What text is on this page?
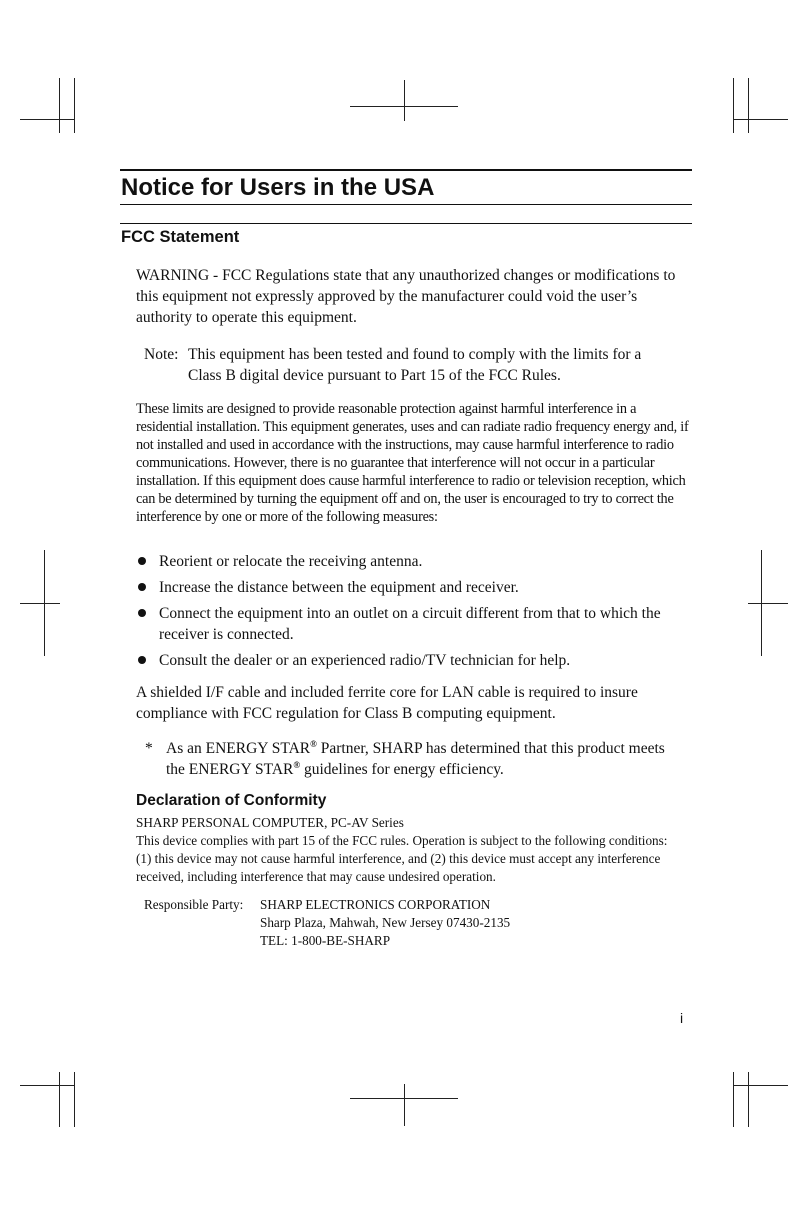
Notice for Users in the USA
FCC Statement

WARNING - FCC Regulations state that any unauthorized changes or modifications to this equipment not expressly approved by the manufacturer could void the user’s authority to operate this equipment.

Note: This equipment has been tested and found to comply with the limits for a Class B digital device pursuant to Part 15 of the FCC Rules.

These limits are designed to provide reasonable protection against harmful interference in a residential installation. This equipment generates, uses and can radiate radio frequency energy and, if not installed and used in accordance with the instructions, may cause harmful interference to radio communications. However, there is no guarantee that interference will not occur in a particular installation. If this equipment does cause harmful interference to radio or television reception, which can be determined by turning the equipment off and on, the user is encouraged to try to correct the interference by one or more of the following measures:

Reorient or relocate the receiving antenna.
Increase the distance between the equipment and receiver.
Connect the equipment into an outlet on a circuit different from that to which the receiver is connected.
Consult the dealer or an experienced radio/TV technician for help.

A shielded I/F cable and included ferrite core for LAN cable is required to insure compliance with FCC regulation for Class B computing equipment.

* As an ENERGY STAR® Partner, SHARP has determined that this product meets the ENERGY STAR® guidelines for energy efficiency.

Declaration of Conformity

SHARP PERSONAL COMPUTER, PC-AV Series

This device complies with part 15 of the FCC rules. Operation is subject to the following conditions:(1) this device may not cause harmful interference, and (2) this device must accept any interference received, including interference that may cause undesired operation.

Responsible Party: SHARP ELECTRONICS CORPORATION
Sharp Plaza, Mahwah, New Jersey 07430-2135
TEL: 1-800-BE-SHARP
i
